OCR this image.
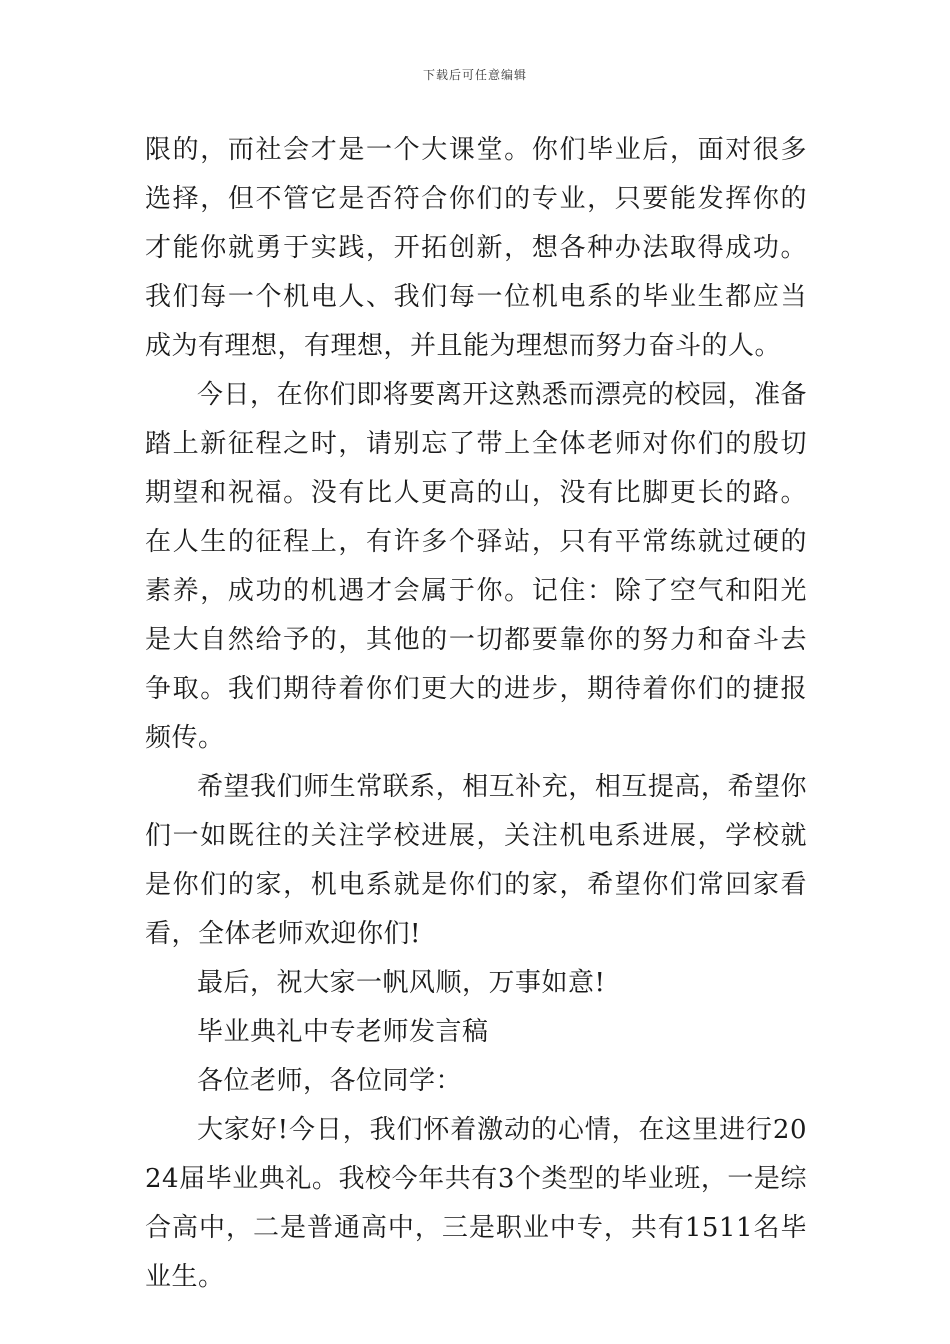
下载后可任意编辑

限的，而社会才是一个大课堂。你们毕业后，面对很多选择，但不管它是否符合你们的专业，只要能发挥你的才能你就勇于实践，开拓创新，想各种办法取得成功。我们每一个机电人、我们每一位机电系的毕业生都应当成为有理想，有理想，并且能为理想而努力奋斗的人。

今日，在你们即将要离开这熟悉而漂亮的校园，准备踏上新征程之时，请别忘了带上全体老师对你们的殷切期望和祝福。没有比人更高的山，没有比脚更长的路。在人生的征程上，有许多个驿站，只有平常练就过硬的素养，成功的机遇才会属于你。记住：除了空气和阳光是大自然给予的，其他的一切都要靠你的努力和奋斗去争取。我们期待着你们更大的进步，期待着你们的捷报频传。

希望我们师生常联系，相互补充，相互提高，希望你们一如既往的关注学校进展，关注机电系进展，学校就是你们的家，机电系就是你们的家，希望你们常回家看看，全体老师欢迎你们!

最后，祝大家一帆风顺，万事如意!

毕业典礼中专老师发言稿

各位老师，各位同学：

大家好!今日，我们怀着激动的心情，在这里进行2024届毕业典礼。我校今年共有3个类型的毕业班，一是综合高中，二是普通高中，三是职业中专，共有1511名毕业生。
